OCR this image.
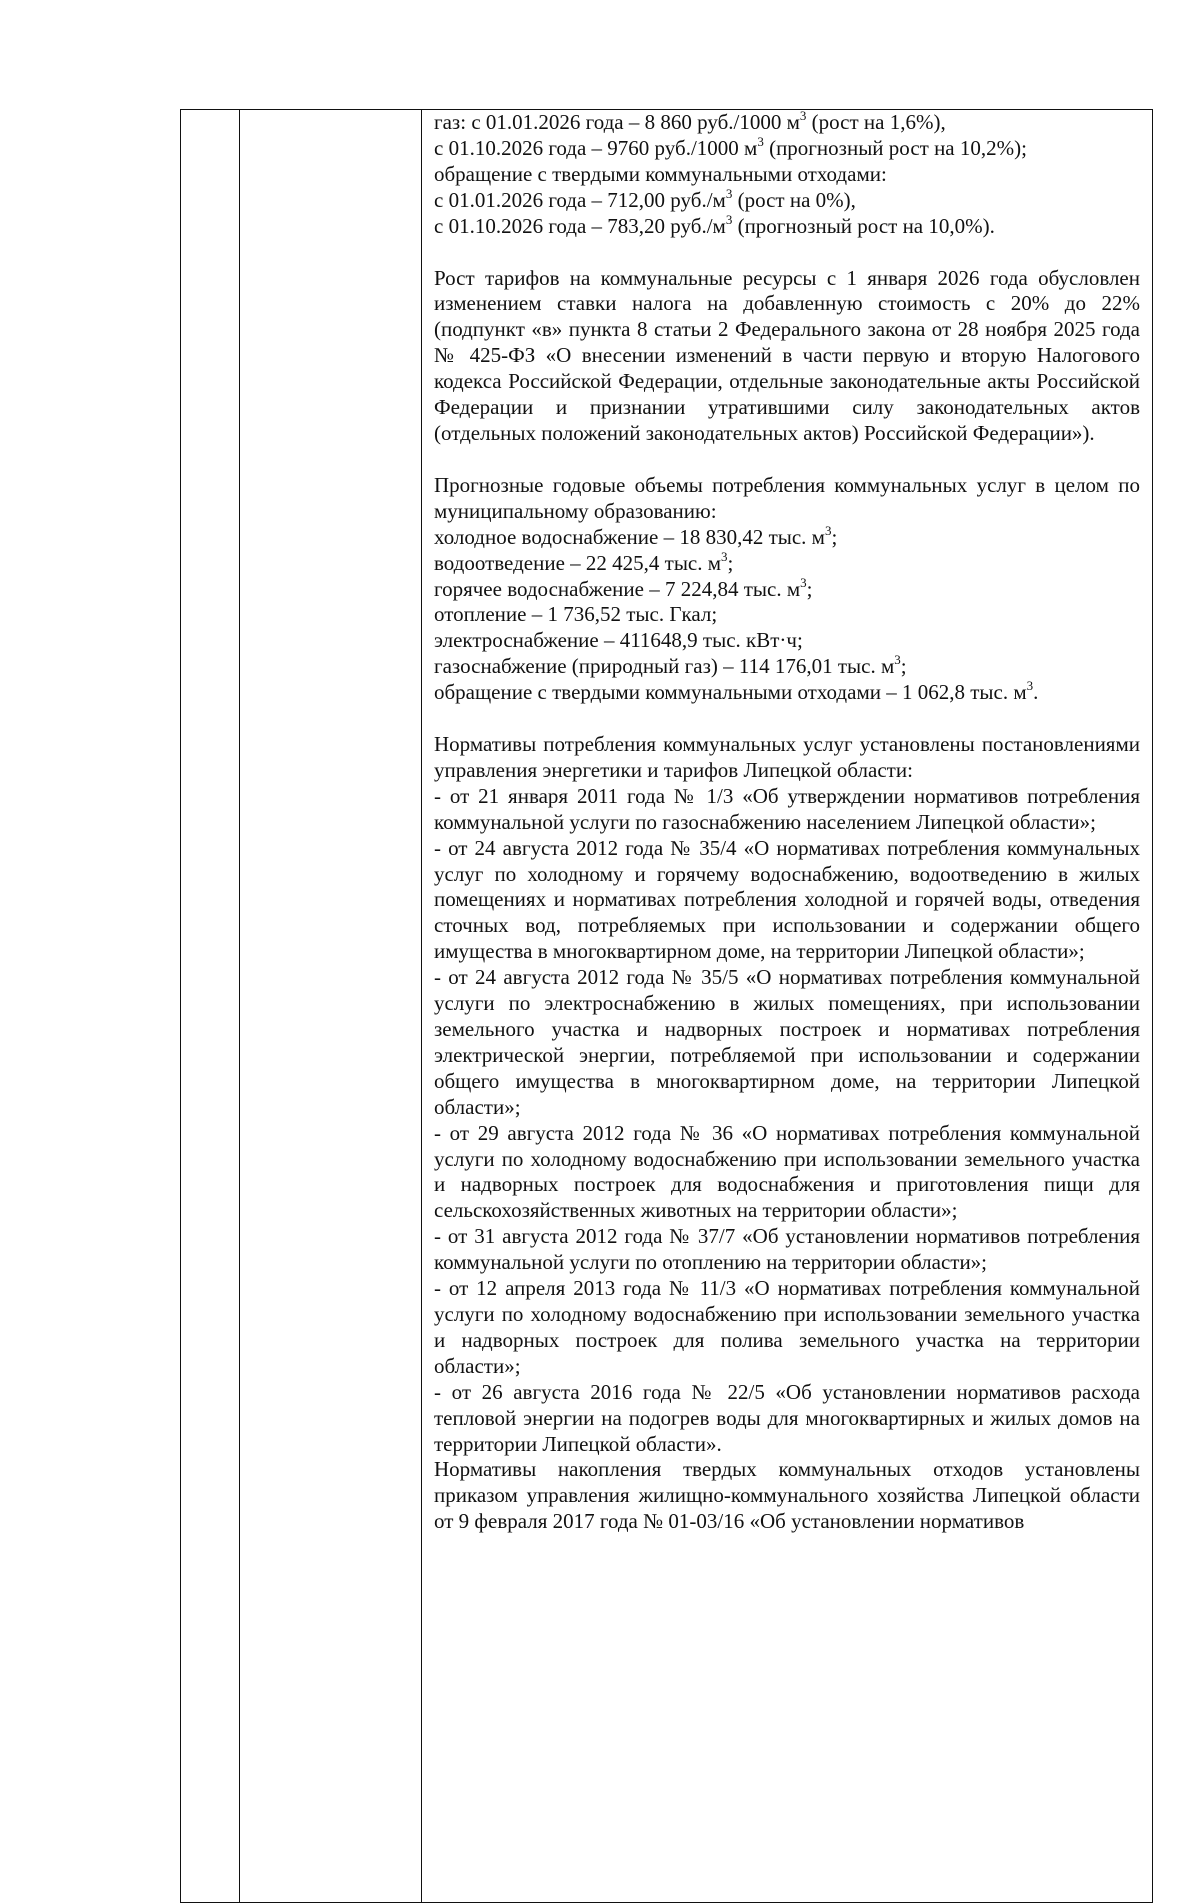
газ: с 01.01.2026 года – 8 860 руб./1000 $м^3$ (рост на 1,6%),

с 01.10.2026 года – 9760 руб./1000 $м^3$ (прогнозный рост на 10,2%);

обращение с твердыми коммунальными отходами:

с 01.01.2026 года – 712,00 $руб./м^3$ (рост на 0%),

с 01.10.2026 года – 783,20 $руб./м^3$ (прогнозный рост на 10,0%).

Рост тарифов на коммунальные ресурсы с 1 января 2026 года обусловлен изменением ставки налога на добавленную стоимость с 20% до 22% (подпункт «в» пункта 8 статьи 2 Федерального закона от 28 ноября 2025 года № 425-ФЗ «О внесении изменений в части первую и вторую Налогового кодекса Российской Федерации, отдельные законодательные акты Российской Федерации и признании утратившими силу законодательных актов (отдельных положений законодательных актов) Российской Федерации»).

Прогнозные годовые объемы потребления коммунальных услуг в целом по муниципальному образованию:

холодное водоснабжение – 18 830,42 тыс. $м^3$;

водоотведение – 22 425,4 тыс. $м^3$;

горячее водоснабжение – 7 224,84 тыс. $м^3$;

отопление – 1 736,52 тыс. Гкал;

электроснабжение – 411648,9 тыс. кВт·ч;

газоснабжение (природный газ) – 114 176,01 тыс. $м^3$;

обращение с твердыми коммунальными отходами – 1 062,8 тыс. $м^3$.

Нормативы потребления коммунальных услуг установлены постановлениями управления энергетики и тарифов Липецкой области:

- от 21 января 2011 года № 1/3 «Об утверждении нормативов потребления коммунальной услуги по газоснабжению населением Липецкой области»;

- от 24 августа 2012 года № 35/4 «О нормативах потребления коммунальных услуг по холодному и горячему водоснабжению, водоотведению в жилых помещениях и нормативах потребления холодной и горячей воды, отведения сточных вод, потребляемых при использовании и содержании общего имущества в многоквартирном доме, на территории Липецкой области»;

- от 24 августа 2012 года № 35/5 «О нормативах потребления коммунальной услуги по электроснабжению в жилых помещениях, при использовании земельного участка и надворных построек и нормативах потребления электрической энергии, потребляемой при использовании и содержании общего имущества в многоквартирном доме, на территории Липецкой области»;

- от 29 августа 2012 года № 36 «О нормативах потребления коммунальной услуги по холодному водоснабжению при использовании земельного участка и надворных построек для водоснабжения и приготовления пищи для сельскохозяйственных животных на территории области»;

- от 31 августа 2012 года № 37/7 «Об установлении нормативов потребления коммунальной услуги по отоплению на территории области»;

- от 12 апреля 2013 года № 11/3 «О нормативах потребления коммунальной услуги по холодному водоснабжению при использовании земельного участка и надворных построек для полива земельного участка на территории области»;

- от 26 августа 2016 года № 22/5 «Об установлении нормативов расхода тепловой энергии на подогрев воды для многоквартирных и жилых домов на территории Липецкой области».

Нормативы накопления твердых коммунальных отходов установлены приказом управления жилищно-коммунального хозяйства Липецкой области от 9 февраля 2017 года № 01-03/16 «Об установлении нормативов
